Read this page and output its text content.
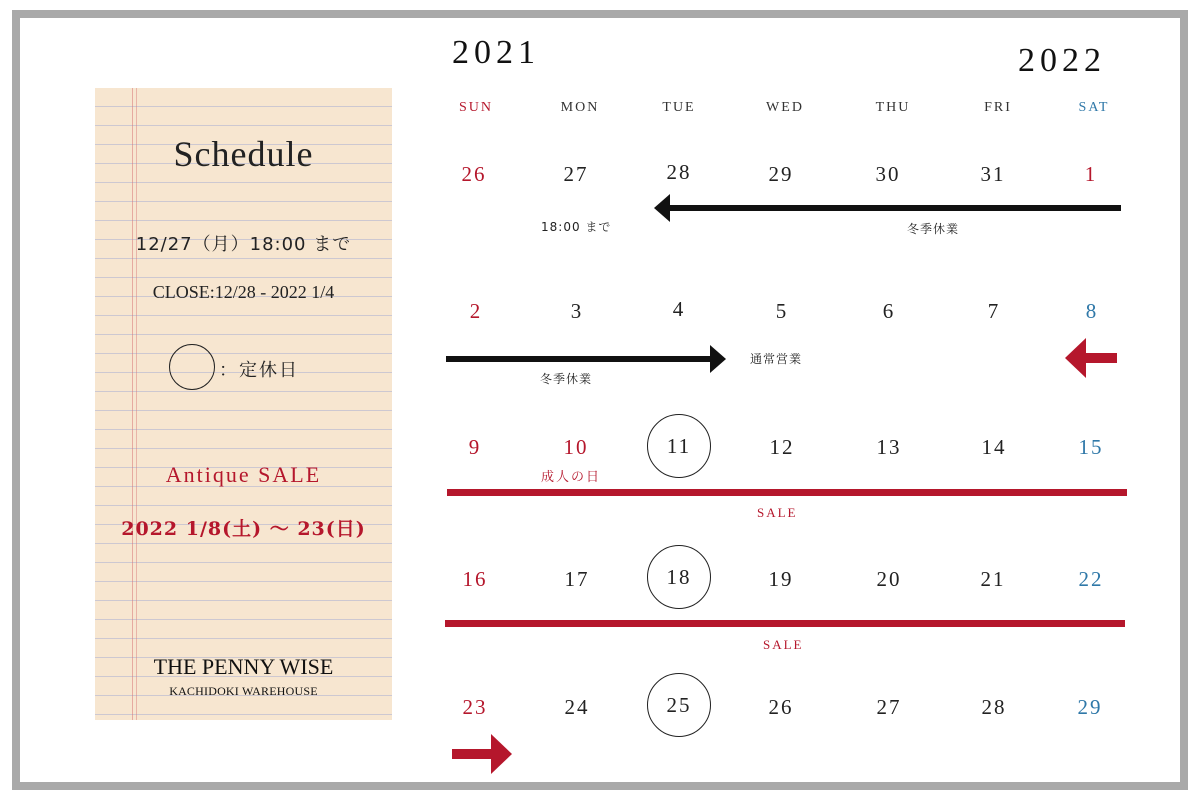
Schedule
12/27（月）18:00 まで
CLOSE:12/28 - 2022 1/4
：定休日
Antique SALE
2022 1/8(土) 〜 23(日)
THE PENNY WISE
KACHIDOKI WAREHOUSE
2021	2022
SUN	MON	TUE	WED	THU	FRI	SAT
26	27	28	29	30	31	1
2	3	4	5	6	7	8
9	10	11	12	13	14	15
16	17	18	19	20	21	22
23	24	25	26	27	28	29
18:00 まで	冬季休業
冬季休業
通常営業
成人の日
SALE
SALE
